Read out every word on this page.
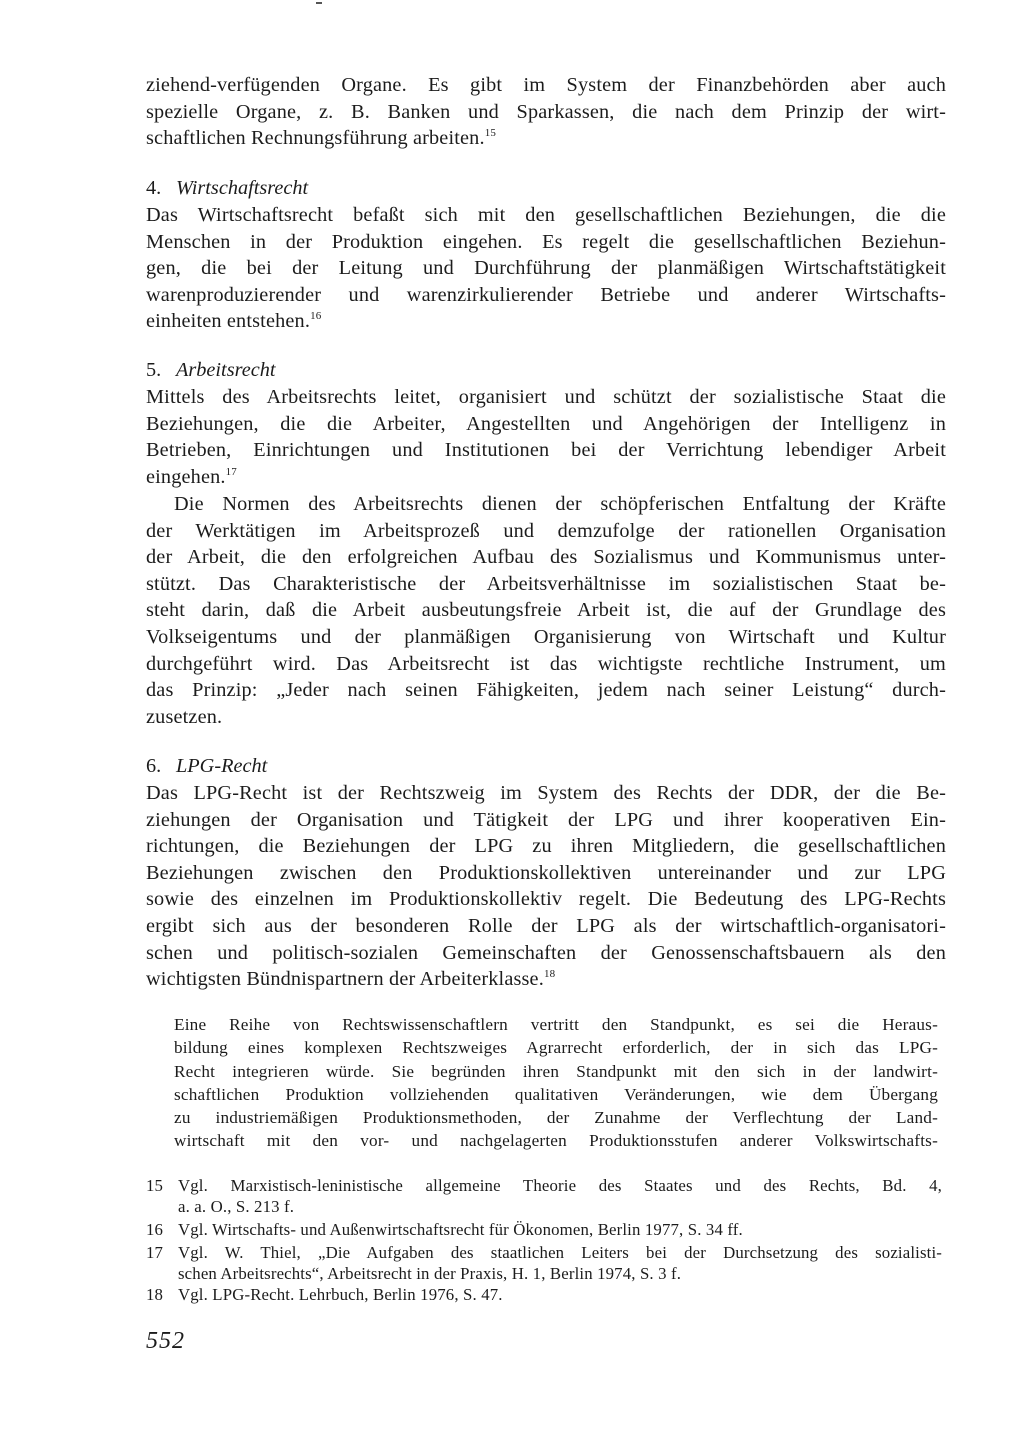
ziehend-verfügenden Organe. Es gibt im System der Finanzbehörden aber auch
spezielle Organe, z. B. Banken und Sparkassen, die nach dem Prinzip der wirt-
schaftlichen Rechnungsführung arbeiten.$^{15}$
4. Wirtschaftsrecht
Das Wirtschaftsrecht befaßt sich mit den gesellschaftlichen Beziehungen, die die
Menschen in der Produktion eingehen. Es regelt die gesellschaftlichen Beziehun-
gen, die bei der Leitung und Durchführung der planmäßigen Wirtschaftstätigkeit
warenproduzierender und warenzirkulierender Betriebe und anderer Wirtschafts-
einheiten entstehen.$^{16}$
5. Arbeitsrecht
Mittels des Arbeitsrechts leitet, organisiert und schützt der sozialistische Staat die
Beziehungen, die die Arbeiter, Angestellten und Angehörigen der Intelligenz in
Betrieben, Einrichtungen und Institutionen bei der Verrichtung lebendiger Arbeit
eingehen.$^{17}$
Die Normen des Arbeitsrechts dienen der schöpferischen Entfaltung der Kräfte
der Werktätigen im Arbeitsprozeß und demzufolge der rationellen Organisation
der Arbeit, die den erfolgreichen Aufbau des Sozialismus und Kommunismus unter-
stützt. Das Charakteristische der Arbeitsverhältnisse im sozialistischen Staat be-
steht darin, daß die Arbeit ausbeutungsfreie Arbeit ist, die auf der Grundlage des
Volkseigentums und der planmäßigen Organisierung von Wirtschaft und Kultur
durchgeführt wird. Das Arbeitsrecht ist das wichtigste rechtliche Instrument, um
das Prinzip: „Jeder nach seinen Fähigkeiten, jedem nach seiner Leistung“ durch-
zusetzen.
6. LPG-Recht
Das LPG-Recht ist der Rechtszweig im System des Rechts der DDR, der die Be-
ziehungen der Organisation und Tätigkeit der LPG und ihrer kooperativen Ein-
richtungen, die Beziehungen der LPG zu ihren Mitgliedern, die gesellschaftlichen
Beziehungen zwischen den Produktionskollektiven untereinander und zur LPG
sowie des einzelnen im Produktionskollektiv regelt. Die Bedeutung des LPG-Rechts
ergibt sich aus der besonderen Rolle der LPG als der wirtschaftlich-organisatori-
schen und politisch-sozialen Gemeinschaften der Genossenschaftsbauern als den
wichtigsten Bündnispartnern der Arbeiterklasse.$^{18}$
Eine Reihe von Rechtswissenschaftlern vertritt den Standpunkt, es sei die Heraus-
bildung eines komplexen Rechtszweiges Agrarrecht erforderlich, der in sich das LPG-
Recht integrieren würde. Sie begründen ihren Standpunkt mit den sich in der landwirt-
schaftlichen Produktion vollziehenden qualitativen Veränderungen, wie dem Übergang
zu industriemäßigen Produktionsmethoden, der Zunahme der Verflechtung der Land-
wirtschaft mit den vor- und nachgelagerten Produktionsstufen anderer Volkswirtschafts-
15 Vgl. Marxistisch-leninistische allgemeine Theorie des Staates und des Rechts, Bd. 4,
a. a. O., S. 213 f.
16 Vgl. Wirtschafts- und Außenwirtschaftsrecht für Ökonomen, Berlin 1977, S. 34 ff.
17 Vgl. W. Thiel, „Die Aufgaben des staatlichen Leiters bei der Durchsetzung des sozialisti-
schen Arbeitsrechts“, Arbeitsrecht in der Praxis, H. 1, Berlin 1974, S. 3 f.
18 Vgl. LPG-Recht. Lehrbuch, Berlin 1976, S. 47.
552
